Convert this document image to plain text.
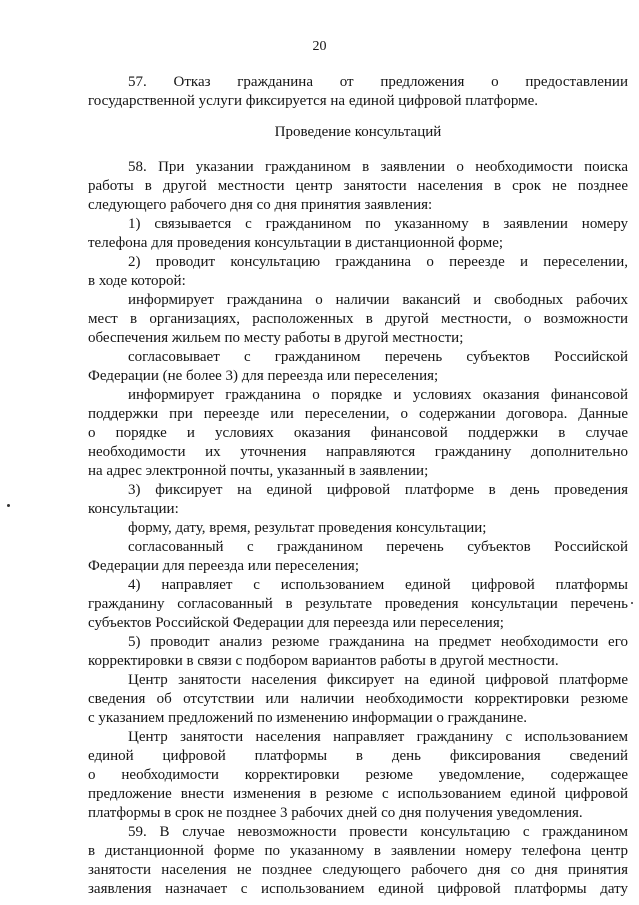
20
57. Отказ гражданина от предложения о предоставлении
государственной услуги фиксируется на единой цифровой платформе.
Проведение консультаций
58. При указании гражданином в заявлении о необходимости поиска
работы в другой местности центр занятости населения в срок не позднее
следующего рабочего дня со дня принятия заявления:
1) связывается с гражданином по указанному в заявлении номеру
телефона для проведения консультации в дистанционной форме;
2) проводит консультацию гражданина о переезде и переселении,
в ходе которой:
информирует гражданина о наличии вакансий и свободных рабочих
мест в организациях, расположенных в другой местности, о возможности
обеспечения жильем по месту работы в другой местности;
согласовывает с гражданином перечень субъектов Российской
Федерации (не более 3) для переезда или переселения;
информирует гражданина о порядке и условиях оказания финансовой
поддержки при переезде или переселении, о содержании договора. Данные
о порядке и условиях оказания финансовой поддержки в случае
необходимости их уточнения направляются гражданину дополнительно
на адрес электронной почты, указанный в заявлении;
3) фиксирует на единой цифровой платформе в день проведения
консультации:
форму, дату, время, результат проведения консультации;
согласованный с гражданином перечень субъектов Российской
Федерации для переезда или переселения;
4) направляет с использованием единой цифровой платформы
гражданину согласованный в результате проведения консультации перечень
субъектов Российской Федерации для переезда или переселения;
5) проводит анализ резюме гражданина на предмет необходимости его
корректировки в связи с подбором вариантов работы в другой местности.
Центр занятости населения фиксирует на единой цифровой платформе
сведения об отсутствии или наличии необходимости корректировки резюме
с указанием предложений по изменению информации о гражданине.
Центр занятости населения направляет гражданину с использованием
единой цифровой платформы в день фиксирования сведений
о необходимости корректировки резюме уведомление, содержащее
предложение внести изменения в резюме с использованием единой цифровой
платформы в срок не позднее 3 рабочих дней со дня получения уведомления.
59. В случае невозможности провести консультацию с гражданином
в дистанционной форме по указанному в заявлении номеру телефона центр
занятости населения не позднее следующего рабочего дня со дня принятия
заявления назначает с использованием единой цифровой платформы дату
